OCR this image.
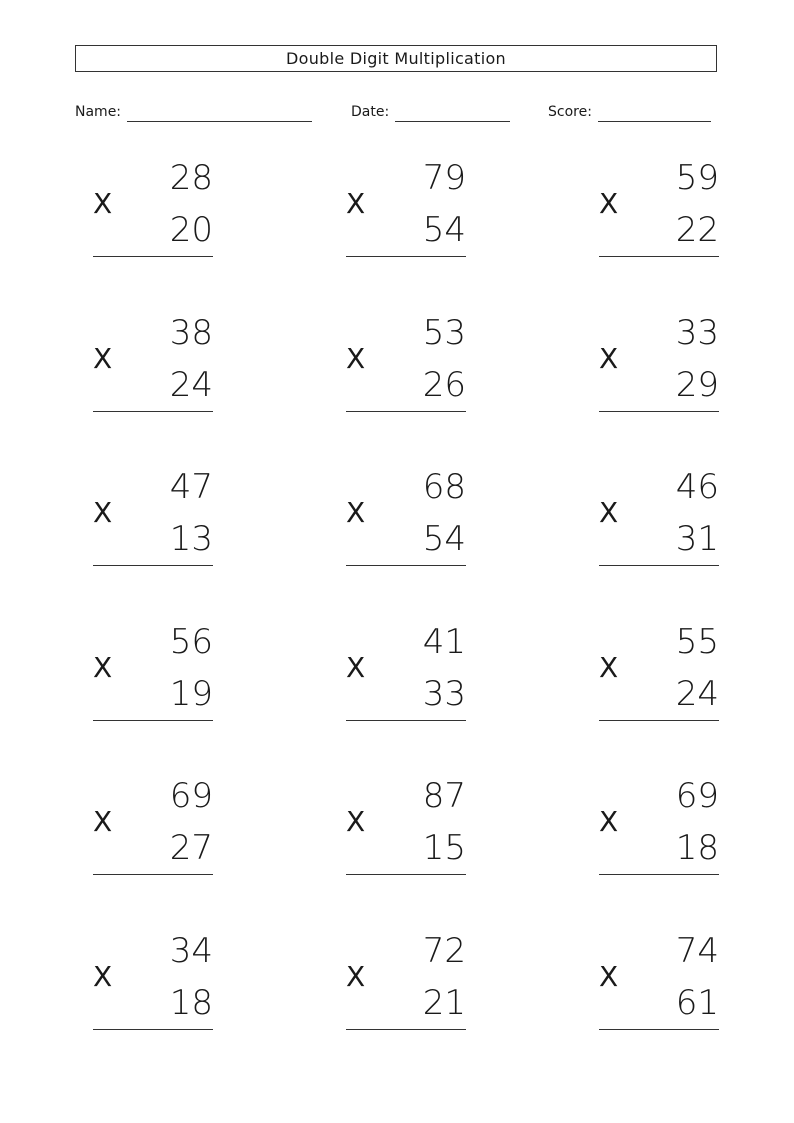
Double Digit Multiplication
Name:	Date:	Score:
28
X
20
79
X
54
59
X
22
38
X
24
53
X
26
33
X
29
47
X
13
68
X
54
46
X
31
56
X
19
41
X
33
55
X
24
69
X
27
87
X
15
69
X
18
34
X
18
72
X
21
74
X
61
